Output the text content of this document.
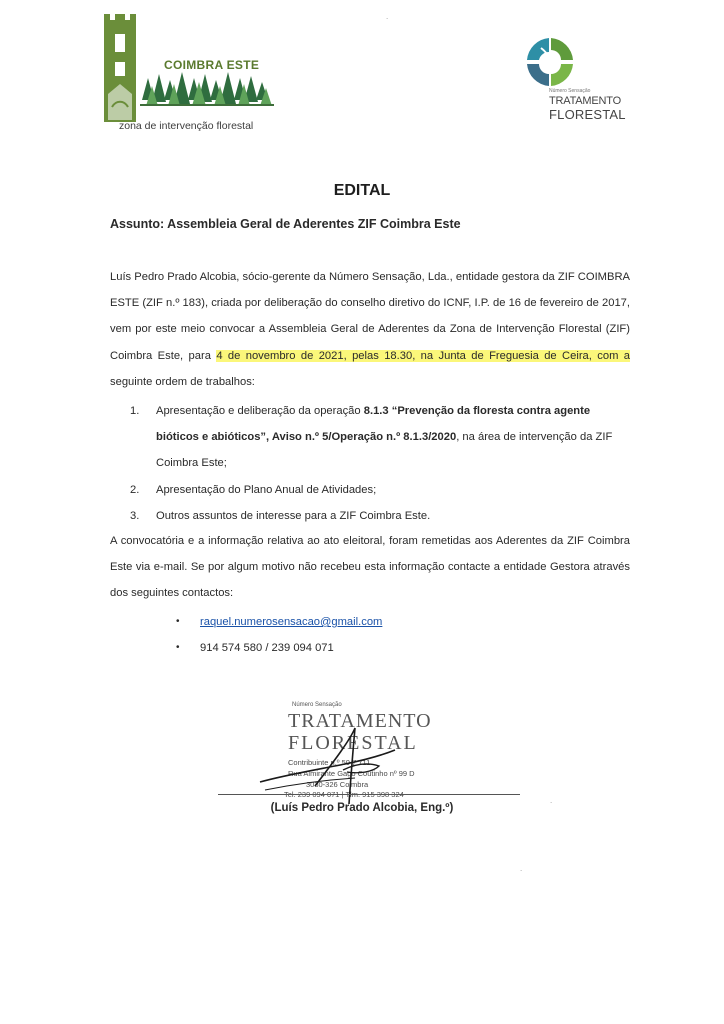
COIMBRA ESTE
zona de intervenção florestal
Número Sensação
TRATAMENTO
FLORESTAL
.
EDITAL
Assunto: Assembleia Geral de Aderentes ZIF Coimbra Este
Luís Pedro Prado Alcobia, sócio-gerente da Número Sensação, Lda., entidade gestora da ZIF COIMBRA ESTE (ZIF n.º 183), criada por deliberação do conselho diretivo do ICNF, I.P. de 16 de fevereiro de 2017, vem por este meio convocar a Assembleia Geral de Aderentes da Zona de Intervenção Florestal (ZIF) Coimbra Este, para 4 de novembro de 2021, pelas 18.30, na Junta de Freguesia de Ceira, com a seguinte ordem de trabalhos:
1. Apresentação e deliberação da operação 8.1.3 “Prevenção da floresta contra agente bióticos e abióticos”, Aviso n.º 5/Operação n.º 8.1.3/2020, na área de intervenção da ZIF Coimbra Este;
2. Apresentação do Plano Anual de Atividades;
3. Outros assuntos de interesse para a ZIF Coimbra Este.
A convocatória e a informação relativa ao ato eleitoral, foram remetidas aos Aderentes da ZIF Coimbra Este via e-mail. Se por algum motivo não recebeu esta informação contacte a entidade Gestora através dos seguintes contactos:
• raquel.numerosensacao@gmail.com
• 914 574 580 / 239 094 071
Número Sensação
TRATAMENTO
FLORESTAL
Contribuinte n.º 50 7 711
Rua Almirante Gago Coutinho nº 99 D
3030-326 Coimbra
(Luís Pedro Prado Alcobia, Eng.º)
.
.
